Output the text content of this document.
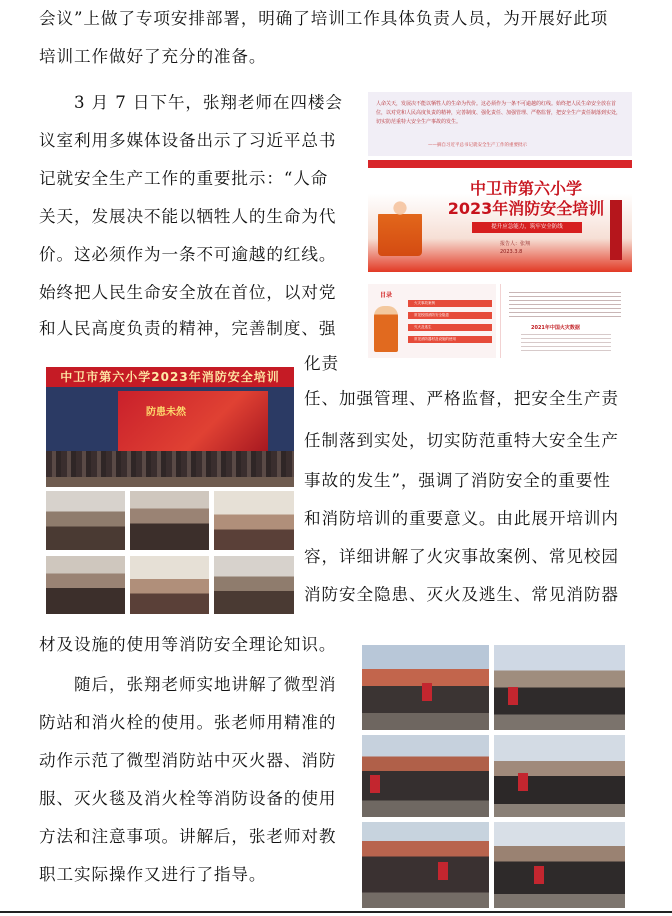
会议”上做了专项安排部署，明确了培训工作具体负责人员，为开展好此项
培训工作做好了充分的准备。
3 月 7 日下午，张翔老师在四楼会
议室利用多媒体设备出示了习近平总书
记就安全生产工作的重要批示：“人命
关天，发展决不能以牺牲人的生命为代
价。这必须作为一条不可逾越的红线。
始终把人民生命安全放在首位，以对党
和人民高度负责的精神，完善制度、强
化责
任、加强管理、严格监督，把安全生产责
任制落到实处，切实防范重特大安全生产
事故的发生”，强调了消防安全的重要性
和消防培训的重要意义。由此展开培训内
容，详细讲解了火灾事故案例、常见校园
消防安全隐患、灭火及逃生、常见消防器
材及设施的使用等消防安全理论知识。
随后，张翔老师实地讲解了微型消
防站和消火栓的使用。张老师用精准的
动作示范了微型消防站中灭火器、消防
服、灭火毯及消火栓等消防设备的使用
方法和注意事项。讲解后，张老师对教
职工实际操作又进行了指导。
人命关天，发展决不能以牺牲人的生命为代价。这必须作为一条不可逾越的红线。始终把人民生命安全放在首位，以对党和人民高度负责的精神，完善制度、强化责任、加强管理、严格监督，把安全生产责任制落到实处，切实防范重特大安全生产事故的发生。
——摘自习近平总书记就安全生产工作的重要批示
中卫市第六小学
2023年消防安全培训
提升应急能力，筑牢安全防线
报告人：张翔
2023.3.8
目录
火灾事故案例
常见校园消防安全隐患
灭火及逃生
常见消防器材及设施的使用
2021年中国火灾数据
中卫市第六小学2023年消防安全培训
防患未然
